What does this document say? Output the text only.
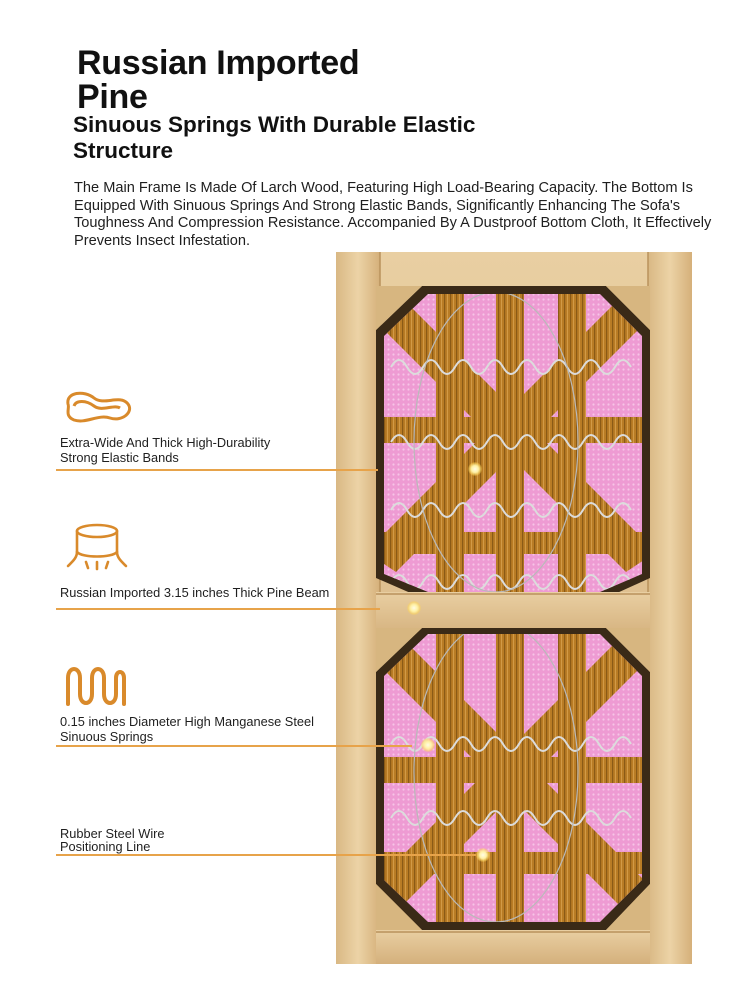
Russian Imported Pine
Sinuous Springs With Durable Elastic Structure

The Main Frame Is Made Of Larch Wood, Featuring High Load-Bearing Capacity. The Bottom Is Equipped With Sinuous Springs And Strong Elastic Bands, Significantly Enhancing The Sofa's Toughness And Compression Resistance. Accompanied By A Dustproof Bottom Cloth, It Effectively Prevents Insect Infestation.

Extra-Wide And Thick High-Durability Strong Elastic Bands
Russian Imported 3.15 inches Thick Pine Beam
0.15 inches Diameter High Manganese Steel Sinuous Springs
Rubber Steel Wire Positioning Line
